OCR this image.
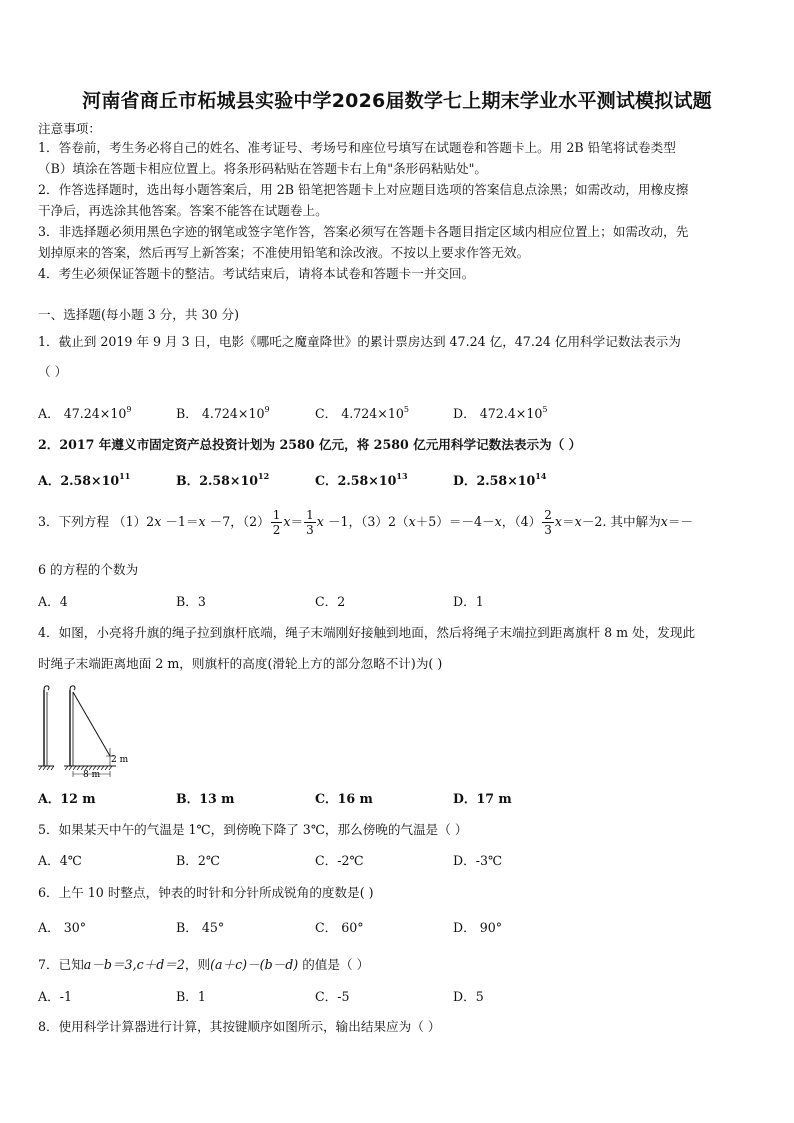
河南省商丘市柘城县实验中学2026届数学七上期末学业水平测试模拟试题
注意事项：
1．答卷前，考生务必将自己的姓名、准考证号、考场号和座位号填写在试题卷和答题卡上。用 2B 铅笔将试卷类型
（B）填涂在答题卡相应位置上。将条形码粘贴在答题卡右上角"条形码粘贴处"。
2．作答选择题时，选出每小题答案后，用 2B 铅笔把答题卡上对应题目选项的答案信息点涂黑；如需改动，用橡皮擦
干净后，再选涂其他答案。答案不能答在试题卷上。
3．非选择题必须用黑色字迹的钢笔或签字笔作答，答案必须写在答题卡各题目指定区域内相应位置上；如需改动，先
划掉原来的答案，然后再写上新答案；不准使用铅笔和涂改液。不按以上要求作答无效。
4．考生必须保证答题卡的整洁。考试结束后，请将本试卷和答题卡一并交回。
一、选择题(每小题 3 分，共 30 分)
1．截止到 2019 年 9 月 3 日，电影《哪吒之魔童降世》的累计票房达到 47.24 亿，47.24 亿用科学记数法表示为
（ ）
A． $47.24\times 10^9$	B． $4.724\times 10^9$	C． $4.724\times 10^5$	D． $472.4\times 10^5$
2．2017 年遵义市固定资产总投资计划为 2580 亿元，将 2580 亿元用科学记数法表示为（ ）
A．$2.58\times 10^{11}$	B．$2.58\times 10^{12}$	C．$2.58\times 10^{13}$	D．$2.58\times 10^{14}$
3．下列方程 （1）2x －1＝x －7，$(2) \frac{1}{2} x= \frac{1}{3}$ x －1，（3）2（x＋5）＝－4－x，$(4) \frac{2}{3} x=x-2$. 其中解为x＝－
6 的方程的个数为
A．4	B．3	C．2	D．1
4．如图，小亮将升旗的绳子拉到旗杆底端，绳子末端刚好接触到地面，然后将绳子末端拉到距离旗杆 8 m 处，发现此
时绳子末端距离地面 2 m，则旗杆的高度(滑轮上方的部分忽略不计)为( )
2 m
8 m
A．12 m	B．13 m	C．16 m	D．17 m
5．如果某天中午的气温是 1℃，到傍晚下降了 3℃，那么傍晚的气温是（ ）
A．4℃	B．2℃	C．-2℃	D．-3℃
6．上午 10 时整点，钟表的时针和分针所成锐角的度数是( )
A． 30°	B． 45°	C． 60°	D． 90°
7．已知a－b＝3,c＋d＝2，则(a＋c)－(b－d) 的值是（ ）
A．-1	B．1	C．-5	D．5
8．使用科学计算器进行计算，其按键顺序如图所示，输出结果应为（ ）
